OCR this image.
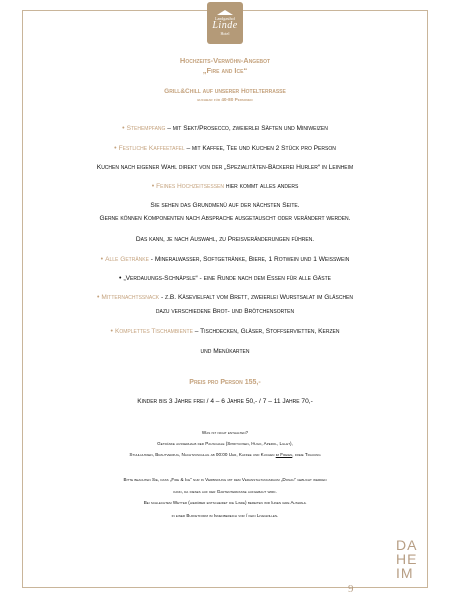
Landgasthof
Linde
Hotel
Hochzeits-Verwöhn-Angebot
„Fire and Ice“
Grill&Chill auf unserer Hotelterrasse
buchbar für 40-80 Personen
• Stehempfang – mit Sekt/Prosecco, zweierlei Säften und Miniweizen
• Festliche Kaffeetafel – mit Kaffee, Tee und Kuchen 2 Stück pro Person
Kuchen nach eigener Wahl direkt von der „Spezialitäten-Bäckerei Hurler“ in Leinheim
• Feines Hochzeitsessen hier kommt alles anders
Sie sehen das Grundmenü auf der nächsten Seite.
Gerne können Komponenten nach Absprache ausgetauscht oder verändert werden.
Das kann, je nach Auswahl, zu Preisveränderungen führen.
• Alle Getränke - Mineralwasser, Softgetränke, Biere, 1 Rotwein und 1 Weißwein
• „Verdauungs-Schnäpsle“ - eine Runde nach dem Essen für alle Gäste
• Mitternachtssnack - z.B. Käsevielfalt vom Brett, zweierlei Wurstsalat im Gläschen
dazu verschiedene Brot- und Brötchensorten
• Komplettes Tischambiente – Tischdecken, Gläser, Stoffservietten, Kerzen
und Menükarten
Preis pro Person 155,-
Kinder bis 3 Jahre frei / 4 – 6 Jahre 50,- / 7 – 11 Jahre 70,-
Was ist nicht enthalten?
Getränke außerhalb der Pauschale (Spirituosen, Hugo, Aperol, Lillet),
Stuhlhussen, Brautverzug, Nachtzuschlag ab 00:00 Uhr, Kaffee und Kuchen im Freien, freie Trauung
Bitte beachten Sie, dass „Fire & Ice“ nur in Verbindung mit dem Veranstaltungsraum „Donau“ gebucht werden
kann, da dieses auf der Gartenterrasse aufgebaut wird.
Bei schlechtem Wetter (hierüber entscheidet die Linde) bereiten wir Ihnen ihre Auswahl
in einer Buffetform im Innenbereich vor / kein Livegrillen.
DA
HE
IM
9
